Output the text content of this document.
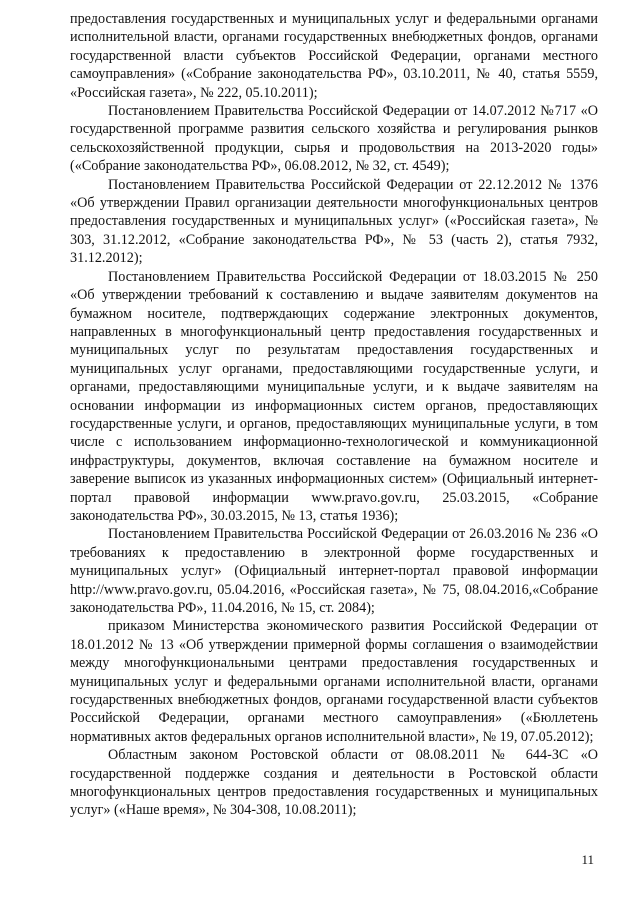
предоставления государственных и муниципальных услуг и федеральными органами исполнительной власти, органами государственных внебюджетных фондов, органами государственной власти субъектов Российской Федерации, органами местного самоуправления» («Собрание законодательства РФ», 03.10.2011, № 40, статья 5559, «Российская газета», № 222, 05.10.2011);

Постановлением Правительства Российской Федерации от 14.07.2012 №717 «О государственной программе развития сельского хозяйства и регулирования рынков сельскохозяйственной продукции, сырья и продовольствия на 2013-2020 годы» («Собрание законодательства РФ», 06.08.2012, № 32, ст. 4549);

Постановлением Правительства Российской Федерации от 22.12.2012 № 1376 «Об утверждении Правил организации деятельности многофункциональных центров предоставления государственных и муниципальных услуг» («Российская газета», № 303, 31.12.2012, «Собрание законодательства РФ», № 53 (часть 2), статья 7932, 31.12.2012);

Постановлением Правительства Российской Федерации от 18.03.2015 № 250 «Об утверждении требований к составлению и выдаче заявителям документов на бумажном носителе, подтверждающих содержание электронных документов, направленных в многофункциональный центр предоставления государственных и муниципальных услуг по результатам предоставления государственных и муниципальных услуг органами, предоставляющими государственные услуги, и органами, предоставляющими муниципальные услуги, и к выдаче заявителям на основании информации из информационных систем органов, предоставляющих государственные услуги, и органов, предоставляющих муниципальные услуги, в том числе с использованием информационно-технологической и коммуникационной инфраструктуры, документов, включая составление на бумажном носителе и заверение выписок из указанных информационных систем» (Официальный интернет-портал правовой информации www.pravo.gov.ru, 25.03.2015, «Собрание законодательства РФ», 30.03.2015, № 13, статья 1936);

Постановлением Правительства Российской Федерации от 26.03.2016 № 236 «О требованиях к предоставлению в электронной форме государственных и муниципальных услуг» (Официальный интернет-портал правовой информации http://www.pravo.gov.ru, 05.04.2016, «Российская газета», № 75, 08.04.2016,«Собрание законодательства РФ», 11.04.2016, № 15, ст. 2084);

приказом Министерства экономического развития Российской Федерации от 18.01.2012 № 13 «Об утверждении примерной формы соглашения о взаимодействии между многофункциональными центрами предоставления государственных и муниципальных услуг и федеральными органами исполнительной власти, органами государственных внебюджетных фондов, органами государственной власти субъектов Российской Федерации, органами местного самоуправления» («Бюллетень нормативных актов федеральных органов исполнительной власти», № 19, 07.05.2012);

Областным законом Ростовской области от 08.08.2011 № 644-ЗС «О государственной поддержке создания и деятельности в Ростовской области многофункциональных центров предоставления государственных и муниципальных услуг» («Наше время», № 304-308, 10.08.2011);

11
